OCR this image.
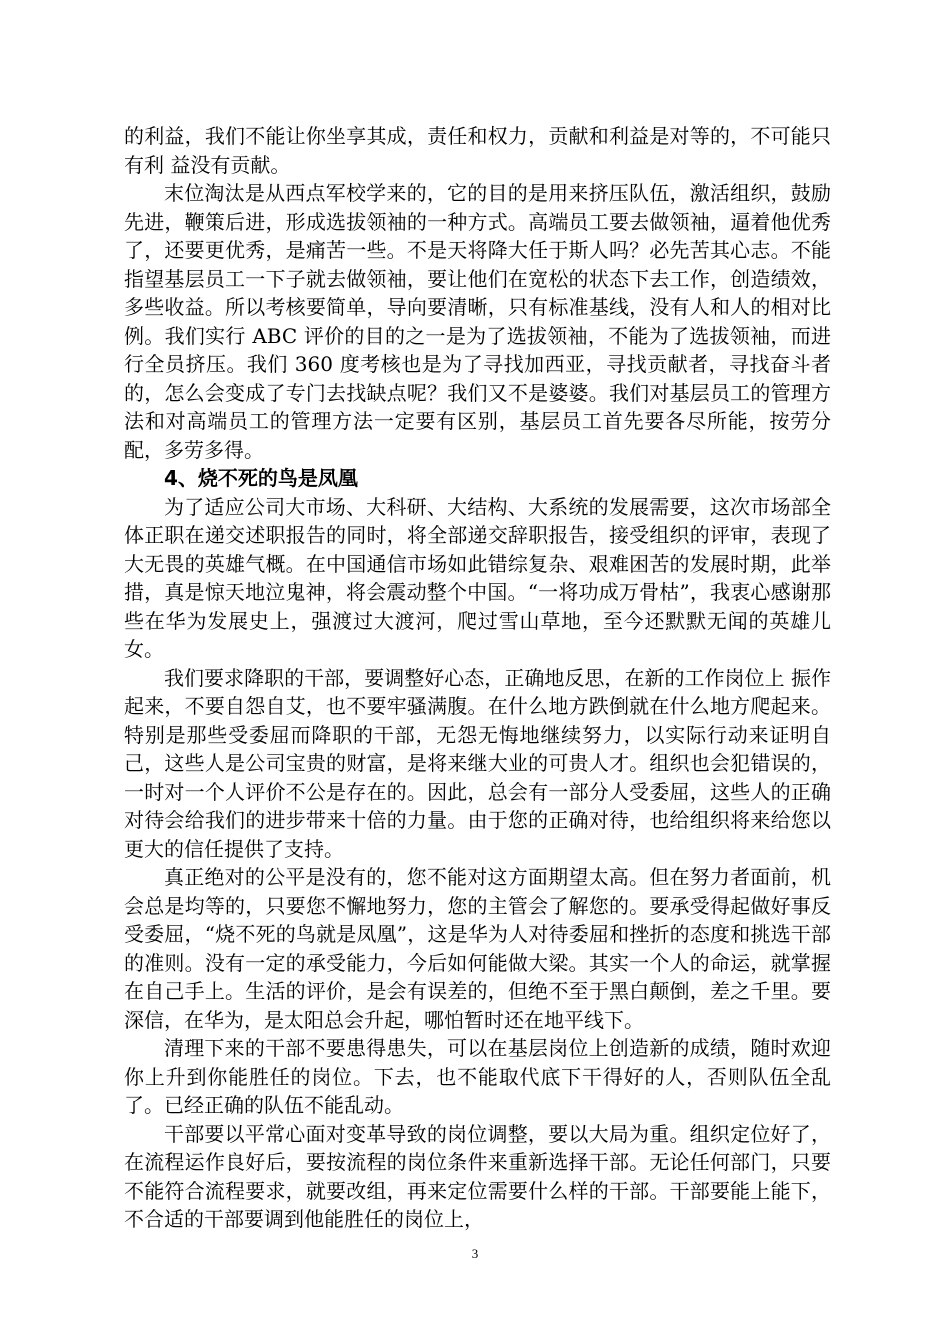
的利益，我们不能让你坐享其成，责任和权力，贡献和利益是对等的，不可能只有利 益没有贡献。

末位淘汰是从西点军校学来的，它的目的是用来挤压队伍，激活组织，鼓励先进，鞭策后进，形成选拔领袖的一种方式。高端员工要去做领袖，逼着他优秀了，还要更优秀，是痛苦一些。不是天将降大任于斯人吗？必先苦其心志。不能指望基层员工一下子就去做领袖，要让他们在宽松的状态下去工作，创造绩效，多些收益。所以考核要简单，导向要清晰，只有标准基线，没有人和人的相对比例。我们实行 ABC 评价的目的之一是为了选拔领袖，不能为了选拔领袖，而进行全员挤压。我们 360 度考核也是为了寻找加西亚，寻找贡献者，寻找奋斗者的，怎么会变成了专门去找缺点呢？我们又不是婆婆。我们对基层员工的管理方法和对高端员工的管理方法一定要有区别，基层员工首先要各尽所能，按劳分配，多劳多得。

4、烧不死的鸟是凤凰

为了适应公司大市场、大科研、大结构、大系统的发展需要，这次市场部全体正职在递交述职报告的同时，将全部递交辞职报告，接受组织的评审，表现了大无畏的英雄气概。在中国通信市场如此错综复杂、艰难困苦的发展时期，此举措，真是惊天地泣鬼神，将会震动整个中国。“一将功成万骨枯”，我衷心感谢那些在华为发展史上，强渡过大渡河，爬过雪山草地，至今还默默无闻的英雄儿女。

我们要求降职的干部，要调整好心态，正确地反思，在新的工作岗位上 振作起来，不要自怨自艾，也不要牢骚满腹。在什么地方跌倒就在什么地方爬起来。特别是那些受委屈而降职的干部，无怨无悔地继续努力，以实际行动来证明自己，这些人是公司宝贵的财富，是将来继大业的可贵人才。组织也会犯错误的，一时对一个人评价不公是存在的。因此，总会有一部分人受委屈，这些人的正确对待会给我们的进步带来十倍的力量。由于您的正确对待，也给组织将来给您以更大的信任提供了支持。

真正绝对的公平是没有的，您不能对这方面期望太高。但在努力者面前，机会总是均等的，只要您不懈地努力，您的主管会了解您的。要承受得起做好事反受委屈，“烧不死的鸟就是凤凰”，这是华为人对待委屈和挫折的态度和挑选干部的准则。没有一定的承受能力，今后如何能做大梁。其实一个人的命运，就掌握在自己手上。生活的评价，是会有误差的，但绝不至于黑白颠倒，差之千里。要深信，在华为，是太阳总会升起，哪怕暂时还在地平线下。

清理下来的干部不要患得患失，可以在基层岗位上创造新的成绩，随时欢迎你上升到你能胜任的岗位。下去，也不能取代底下干得好的人，否则队伍全乱了。已经正确的队伍不能乱动。

干部要以平常心面对变革导致的岗位调整，要以大局为重。组织定位好了，在流程运作良好后，要按流程的岗位条件来重新选择干部。无论任何部门，只要不能符合流程要求，就要改组，再来定位需要什么样的干部。干部要能上能下，不合适的干部要调到他能胜任的岗位上，

3
